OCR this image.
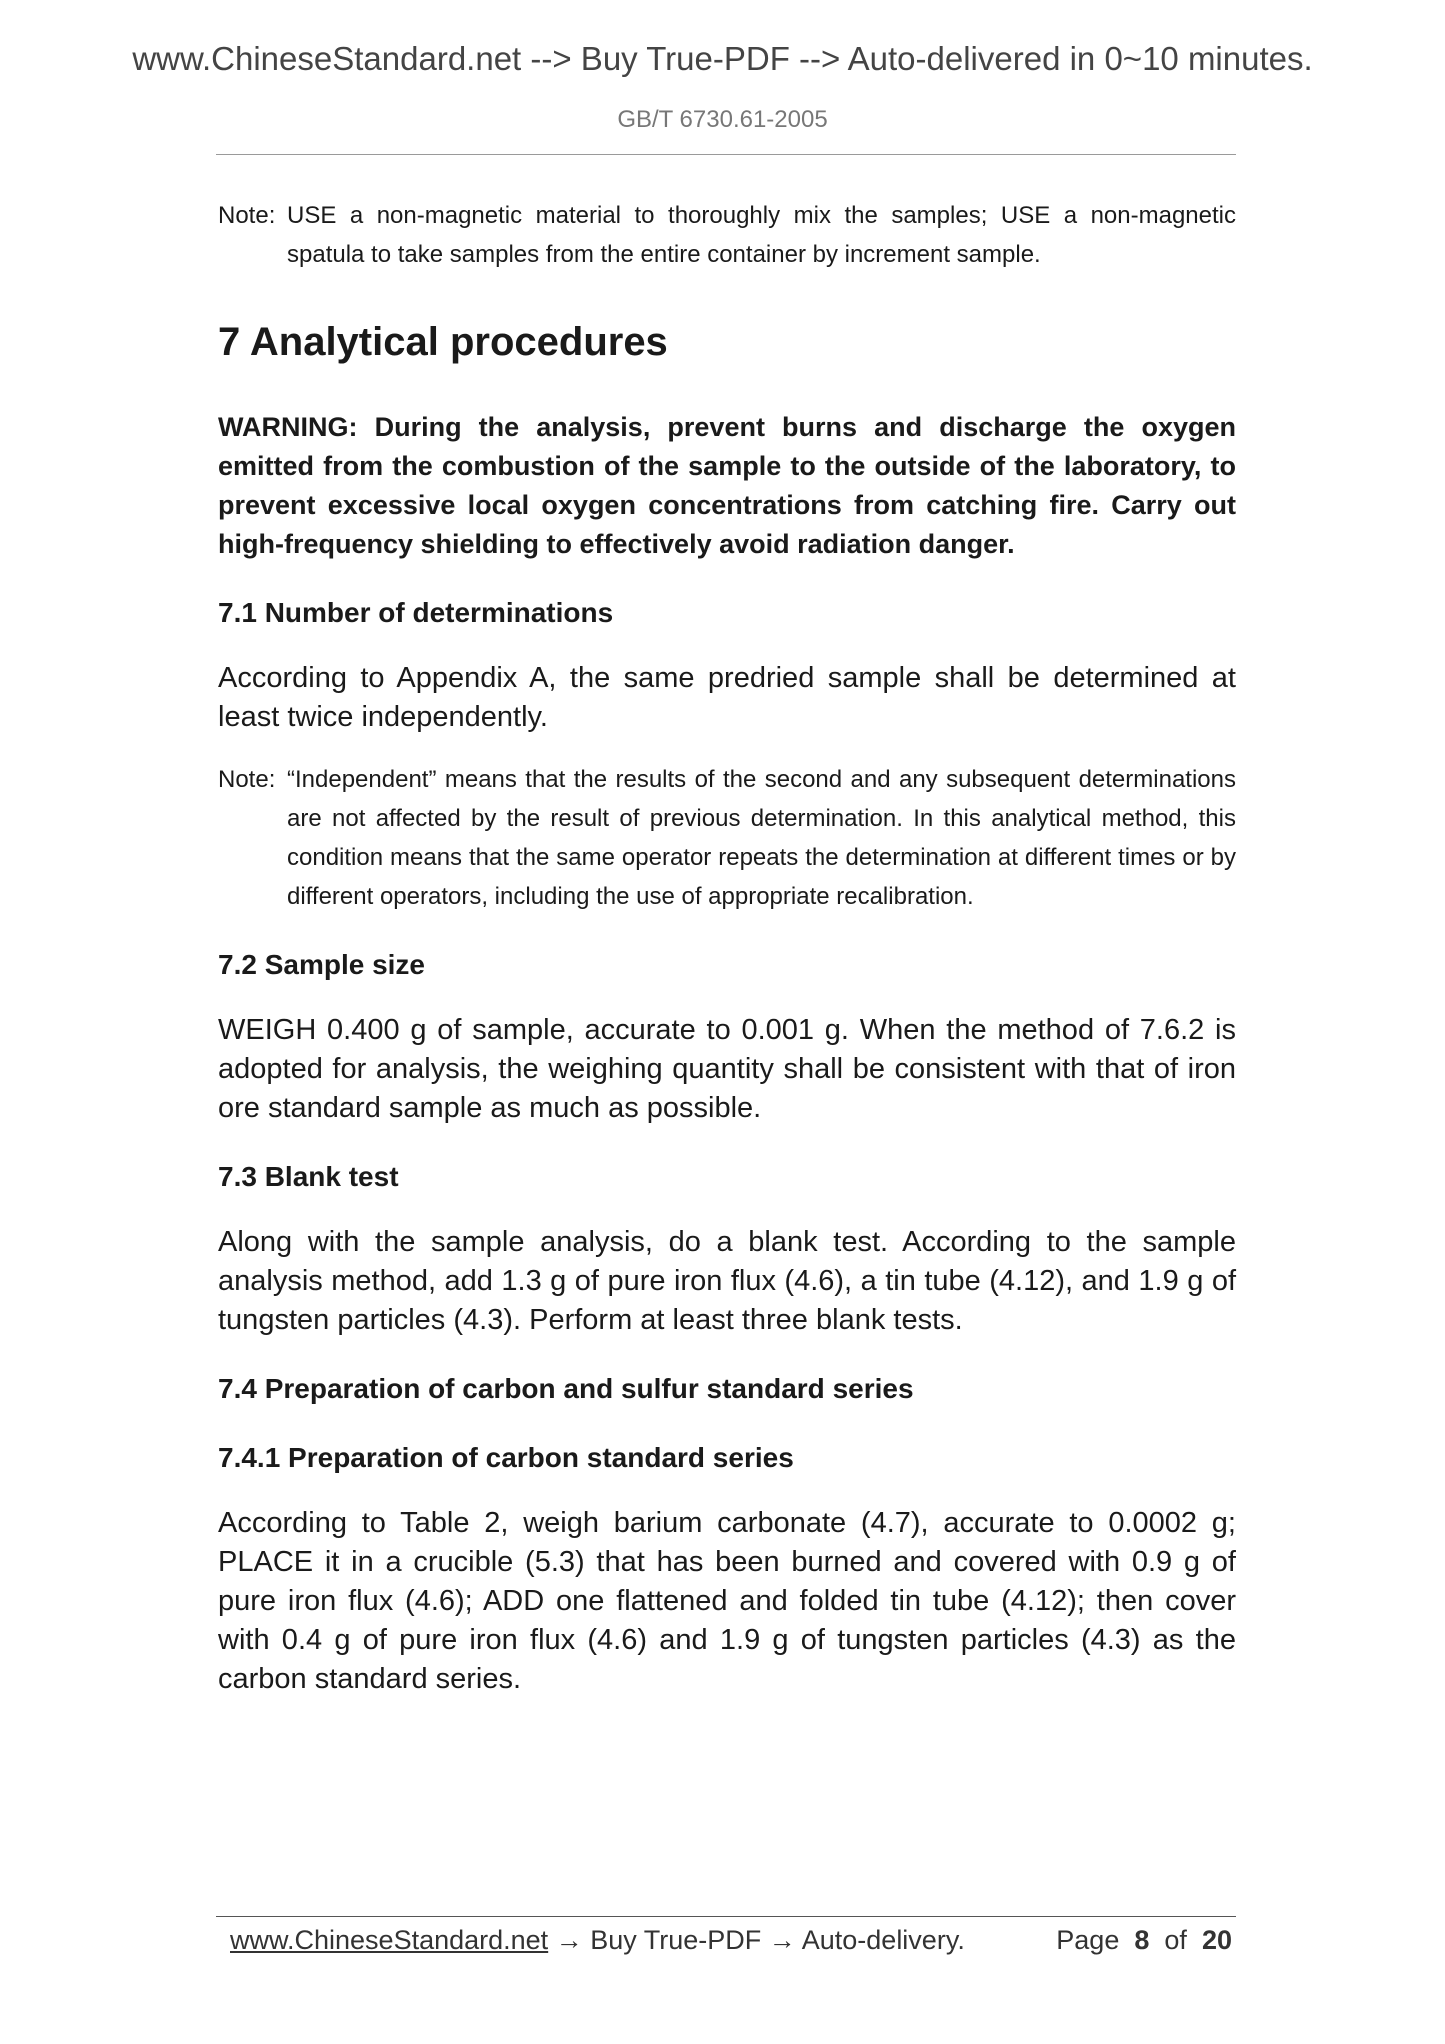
www.ChineseStandard.net --> Buy True-PDF --> Auto-delivered in 0~10 minutes.
GB/T 6730.61-2005
Note: USE a non-magnetic material to thoroughly mix the samples; USE a non-magnetic spatula to take samples from the entire container by increment sample.
7 Analytical procedures
WARNING: During the analysis, prevent burns and discharge the oxygen emitted from the combustion of the sample to the outside of the laboratory, to prevent excessive local oxygen concentrations from catching fire. Carry out high-frequency shielding to effectively avoid radiation danger.
7.1 Number of determinations
According to Appendix A, the same predried sample shall be determined at least twice independently.
Note: “Independent” means that the results of the second and any subsequent determinations are not affected by the result of previous determination. In this analytical method, this condition means that the same operator repeats the determination at different times or by different operators, including the use of appropriate recalibration.
7.2 Sample size
WEIGH 0.400 g of sample, accurate to 0.001 g. When the method of 7.6.2 is adopted for analysis, the weighing quantity shall be consistent with that of iron ore standard sample as much as possible.
7.3 Blank test
Along with the sample analysis, do a blank test. According to the sample analysis method, add 1.3 g of pure iron flux (4.6), a tin tube (4.12), and 1.9 g of tungsten particles (4.3). Perform at least three blank tests.
7.4 Preparation of carbon and sulfur standard series
7.4.1 Preparation of carbon standard series
According to Table 2, weigh barium carbonate (4.7), accurate to 0.0002 g; PLACE it in a crucible (5.3) that has been burned and covered with 0.9 g of pure iron flux (4.6); ADD one flattened and folded tin tube (4.12); then cover with 0.4 g of pure iron flux (4.6) and 1.9 g of tungsten particles (4.3) as the carbon standard series.
www.ChineseStandard.net → Buy True-PDF → Auto-delivery.	Page 8 of 20
